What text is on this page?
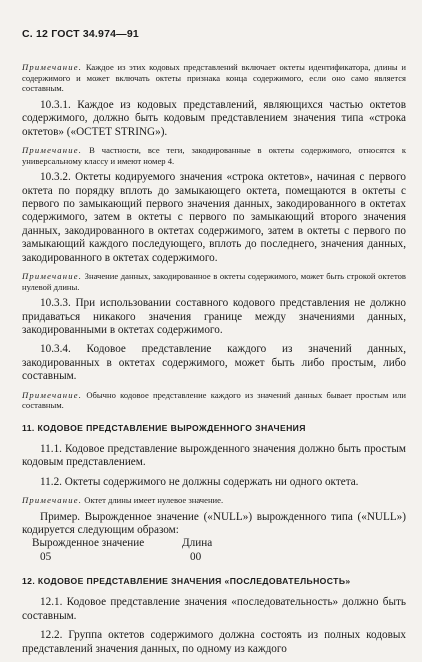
С. 12 ГОСТ 34.974—91

Примечание. Каждое из этих кодовых представлений включает октеты идентификатора, длины и содержимого и может включать октеты признака конца содержимого, если оно само является составным.

10.3.1. Каждое из кодовых представлений, являющихся частью октетов содержимого, должно быть кодовым представлением значения типа «строка октетов» («OCTET STRING»).

Примечание. В частности, все теги, закодированные в октеты содержимого, относятся к универсальному классу и имеют номер 4.

10.3.2. Октеты кодируемого значения «строка октетов», начиная с первого октета по порядку вплоть до замыкающего октета, помещаются в октеты с первого по замыкающий первого значения данных, закодированного в октетах содержимого, затем в октеты с первого по замыкающий второго значения данных, закодированного в октетах содержимого, затем в октеты с первого по замыкающий каждого последующего, вплоть до последнего, значения данных, закодированного в октетах содержимого.

Примечание. Значение данных, закодированное в октеты содержимого, может быть строкой октетов нулевой длины.

10.3.3. При использовании составного кодового представления не должно придаваться никакого значения границе между значениями данных, закодированными в октетах содержимого.

10.3.4. Кодовое представление каждого из значений данных, закодированных в октетах содержимого, может быть либо простым, либо составным.

Примечание. Обычно кодовое представление каждого из значений данных бывает простым или составным.

11. КОДОВОЕ ПРЕДСТАВЛЕНИЕ ВЫРОЖДЕННОГО ЗНАЧЕНИЯ

11.1. Кодовое представление вырожденного значения должно быть простым кодовым представлением.

11.2. Октеты содержимого не должны содержать ни одного октета.

Примечание. Октет длины имеет нулевое значение.

Пример. Вырожденное значение («NULL») вырожденного типа («NULL») кодируется следующим образом:

Вырожденное значение	Длина
05	00
12. КОДОВОЕ ПРЕДСТАВЛЕНИЕ ЗНАЧЕНИЯ «ПОСЛЕДОВАТЕЛЬНОСТЬ»

12.1. Кодовое представление значения «последовательность» должно быть составным.

12.2. Группа октетов содержимого должна состоять из полных кодовых представлений значения данных, по одному из каждого
